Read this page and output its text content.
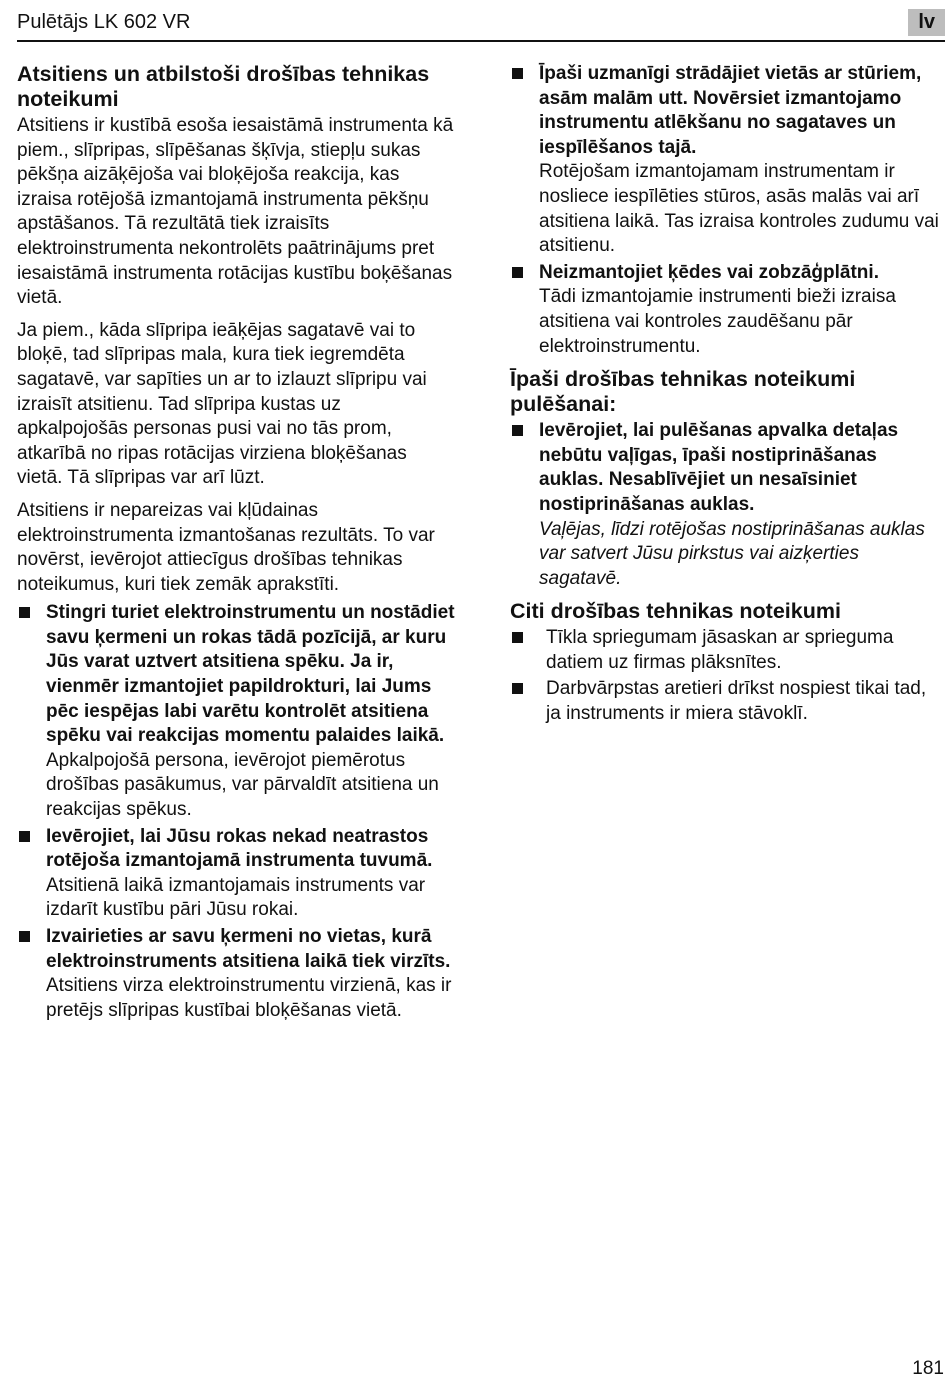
Pulētājs LK 602 VR	lv
Atsitiens un atbilstoši drošības tehnikas noteikumi
Atsitiens ir kustībā esoša iesaistāmā instrumenta kā piem., slīpripas, slīpēšanas šķīvja, stiepļu sukas pēkšņa aizāķējoša vai bloķējoša reakcija, kas izraisa rotējošā izmantojamā instrumenta pēkšņu apstāšanos. Tā rezultātā tiek izraisīts elektroinstrumenta nekontrolēts paātrinājums pret iesaistāmā instrumenta rotācijas kustību boķēšanas vietā.
Ja piem., kāda slīpripa ieāķējas sagatavē vai to bloķē, tad slīpripas mala, kura tiek iegremdēta sagatavē, var sapīties un ar to izlauzt slīpripu vai izraisīt atsitienu. Tad slīpripa kustas uz apkalpojošās personas pusi vai no tās prom, atkarībā no ripas rotācijas virziena bloķēšanas vietā. Tā slīpripas var arī lūzt.
Atsitiens ir nepareizas vai kļūdainas elektroinstrumenta izmantošanas rezultāts. To var novērst, ievērojot attiecīgus drošības tehnikas noteikumus, kuri tiek zemāk aprakstīti.
Stingri turiet elektroinstrumentu un nostādiet savu ķermeni un rokas tādā pozīcijā, ar kuru Jūs varat uztvert atsitiena spēku. Ja ir, vienmēr izmantojiet papildrokturi, lai Jums pēc iespējas labi varētu kontrolēt atsitiena spēku vai reakcijas momentu palaides laikā.
Apkalpojošā persona, ievērojot piemērotus drošības pasākumus, var pārvaldīt atsitiena un reakcijas spēkus.
Ievērojiet, lai Jūsu rokas nekad neatrastos rotējoša izmantojamā instrumenta tuvumā.
Atsitienā laikā izmantojamais instruments var izdarīt kustību pāri Jūsu rokai.
Izvairieties ar savu ķermeni no vietas, kurā elektroinstruments atsitiena laikā tiek virzīts.
Atsitiens virza elektroinstrumentu virzienā, kas ir pretējs slīpripas kustībai bloķēšanas vietā.
Īpaši uzmanīgi strādājiet vietās ar stūriem, asām malām utt. Novērsiet izmantojamo instrumentu atlēkšanu no sagataves un iespīlēšanos tajā.
Rotējošam izmantojamam instrumentam ir nosliece iespīlēties stūros, asās malās vai arī atsitiena laikā. Tas izraisa kontroles zudumu vai atsitienu.
Neizmantojiet ķēdes vai zobzāģplātni.
Tādi izmantojamie instrumenti bieži izraisa atsitiena vai kontroles zaudēšanu pār elektroinstrumentu.
Īpaši drošības tehnikas noteikumi pulēšanai:
Ievērojiet, lai pulēšanas apvalka detaļas nebūtu vaļīgas, īpaši nostiprināšanas auklas. Nesablīvējiet un nesaīsiniet nostiprināšanas auklas.
Vaļējas, līdzi rotējošas nostiprināšanas auklas var satvert Jūsu pirkstus vai aizķerties sagatavē.
Citi drošības tehnikas noteikumi
Tīkla spriegumam jāsaskan ar spriegumа datiem uz firmas plāksnītes.
Darbvārpstas aretieri drīkst nospiest tikai tad, ja instruments ir miera stāvoklī.
181
